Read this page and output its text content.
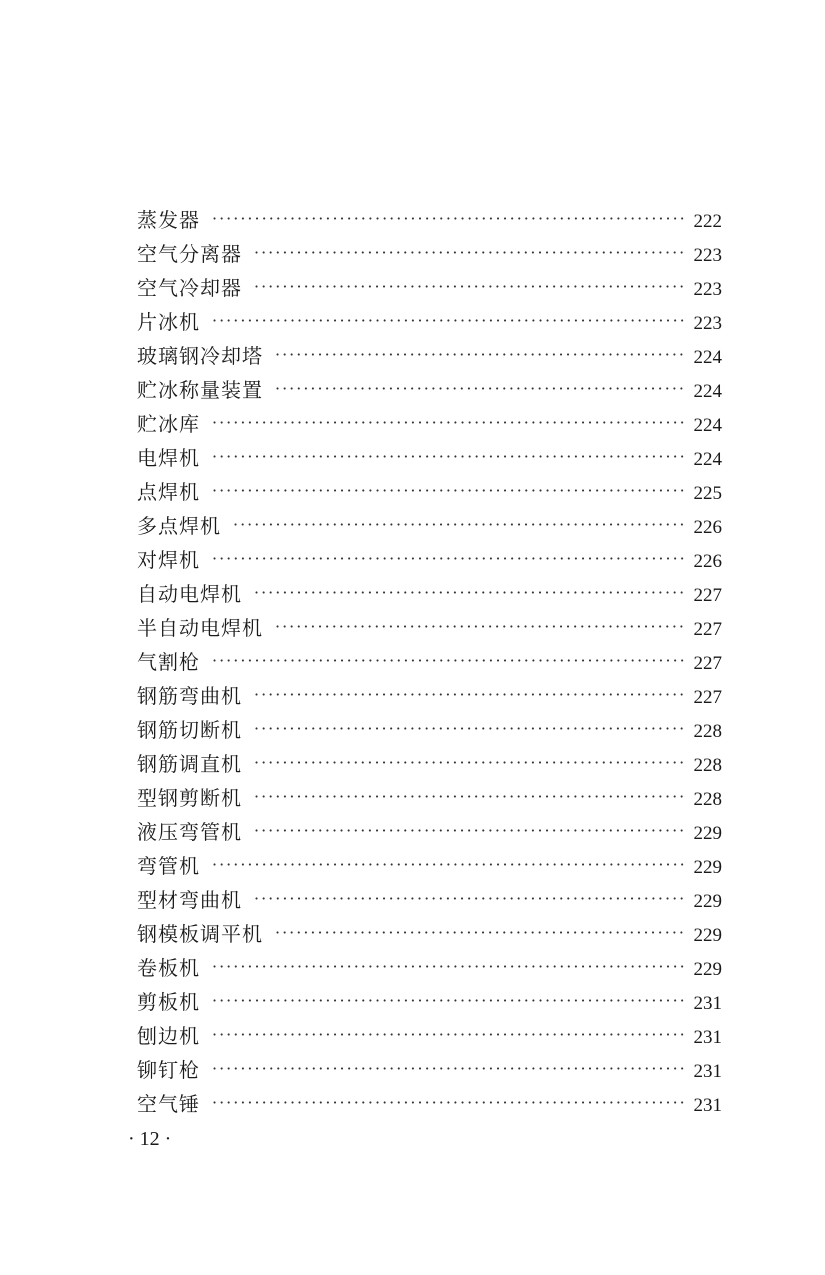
蒸发器 ·····	222
空气分离器 ·····	223
空气冷却器 ·····	223
片冰机 ·····	223
玻璃钢冷却塔 ·····	224
贮冰称量装置 ·····	224
贮冰库 ·····	224
电焊机 ·····	224
点焊机 ·····	225
多点焊机 ·····	226
对焊机 ·····	226
自动电焊机 ·····	227
半自动电焊机 ·····	227
气割枪 ·····	227
钢筋弯曲机 ·····	227
钢筋切断机 ·····	228
钢筋调直机 ·····	228
型钢剪断机 ·····	228
液压弯管机 ·····	229
弯管机 ·····	229
型材弯曲机 ·····	229
钢模板调平机 ·····	229
卷板机 ·····	229
剪板机 ·····	231
刨边机 ·····	231
铆钉枪 ·····	231
空气锤 ·····	231
· 12 ·
